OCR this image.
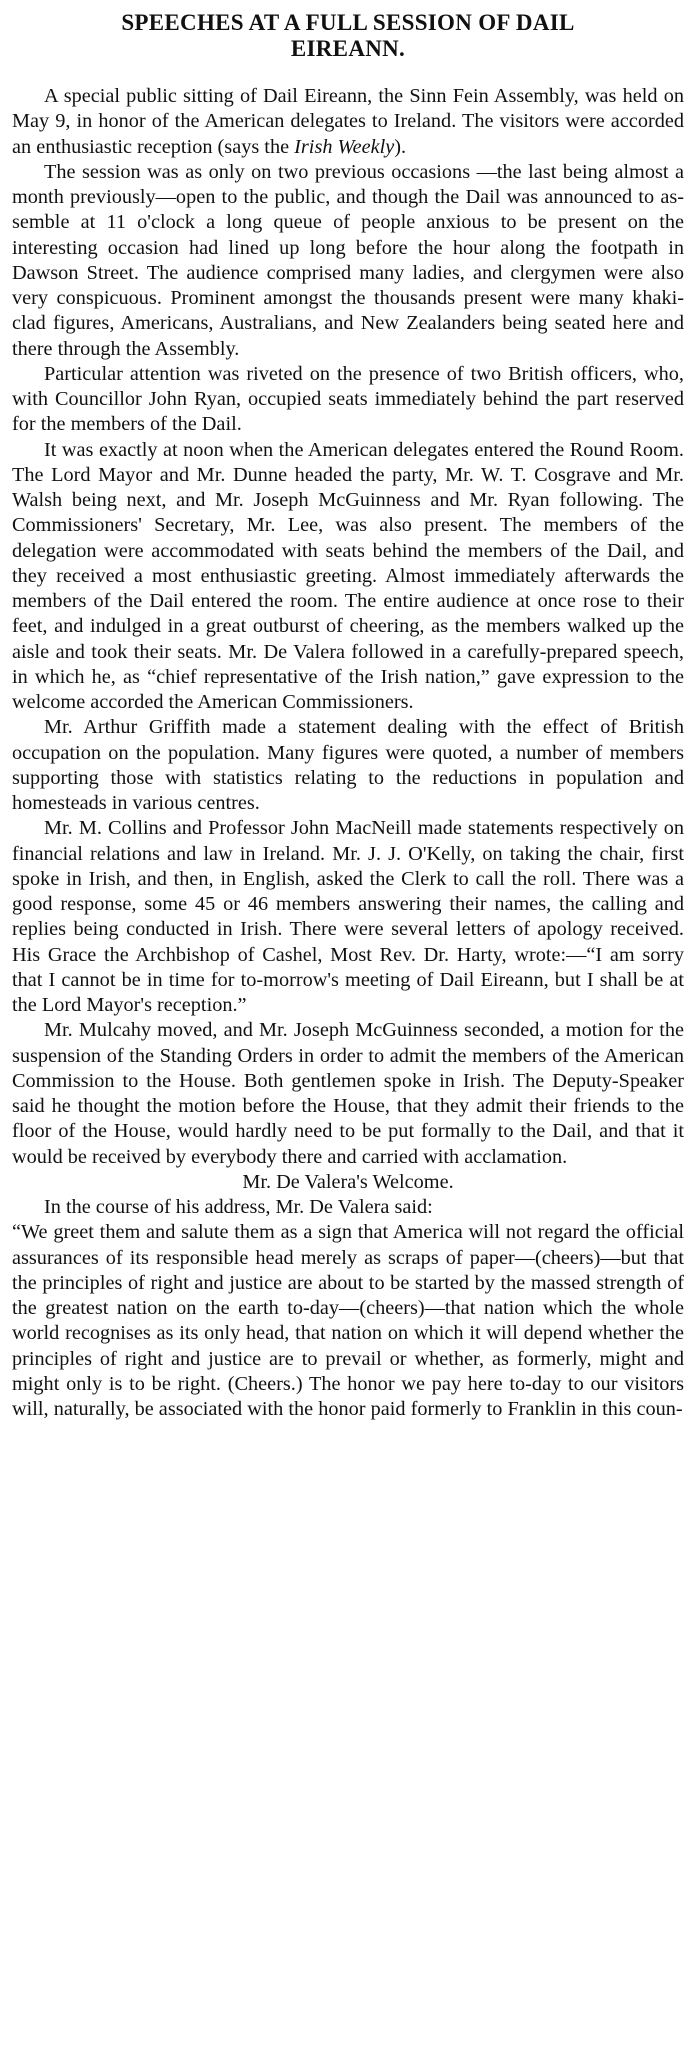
SPEECHES AT A FULL SESSION OF DAIL
EIREANN.

A special public sitting of Dail Eireann, the Sinn Fein Assembly, was held on May 9, in honor of the American delegates to Ireland. The visitors were accorded an enthusiastic reception (says the Irish Weekly).

The session was as only on two previous occasions —the last being almost a month previously—open to the public, and though the Dail was announced to assemble at 11 o'clock a long queue of people anxious to be present on the interesting occasion had lined up long before the hour along the footpath in Dawson Street. The audience comprised many ladies, and clergymen were also very conspicuous. Prominent amongst the thousands present were many khaki-clad figures, Americans, Australians, and New Zealanders being seated here and there through the Assembly.

Particular attention was riveted on the presence of two British officers, who, with Councillor John Ryan, occupied seats immediately behind the part reserved for the members of the Dail.

It was exactly at noon when the American delegates entered the Round Room. The Lord Mayor and Mr. Dunne headed the party, Mr. W. T. Cosgrave and Mr. Walsh being next, and Mr. Joseph McGuinness and Mr. Ryan following. The Commissioners' Secretary, Mr. Lee, was also present. The members of the delegation were accommodated with seats behind the members of the Dail, and they received a most enthusiastic greeting. Almost immediately afterwards the members of the Dail entered the room. The entire audience at once rose to their feet, and indulged in a great outburst of cheering, as the members walked up the aisle and took their seats. Mr. De Valera followed in a carefully-prepared speech, in which he, as “chief representative of the Irish nation,” gave expression to the welcome accorded the American Commissioners.

Mr. Arthur Griffith made a statement dealing with the effect of British occupation on the population. Many figures were quoted, a number of members supporting those with statistics relating to the reductions in population and homesteads in various centres.

Mr. M. Collins and Professor John MacNeill made statements respectively on financial relations and law in Ireland. Mr. J. J. O'Kelly, on taking the chair, first spoke in Irish, and then, in English, asked the Clerk to call the roll. There was a good response, some 45 or 46 members answering their names, the calling and replies being conducted in Irish. There were several letters of apology received. His Grace the Archbishop of Cashel, Most Rev. Dr. Harty, wrote:—“I am sorry that I cannot be in time for to-morrow's meeting of Dail Eireann, but I shall be at the Lord Mayor's reception.”

Mr. Mulcahy moved, and Mr. Joseph McGuinness seconded, a motion for the suspension of the Standing Orders in order to admit the members of the American Commission to the House. Both gentlemen spoke in Irish. The Deputy-Speaker said he thought the motion before the House, that they admit their friends to the floor of the House, would hardly need to be put formally to the Dail, and that it would be received by everybody there and carried with acclamation.

Mr. De Valera's Welcome.

In the course of his address, Mr. De Valera said:

“We greet them and salute them as a sign that America will not regard the official assurances of its responsible head merely as scraps of paper—(cheers)—but that the principles of right and justice are about to be started by the massed strength of the greatest nation on the earth to-day—(cheers)—that nation which the whole world recognises as its only head, that nation on which it will depend whether the principles of right and justice are to prevail or whether, as formerly, might and might only is to be right. (Cheers.) The honor we pay here to-day to our visitors will, naturally, be associated with the honor paid formerly to Franklin in this coun-
